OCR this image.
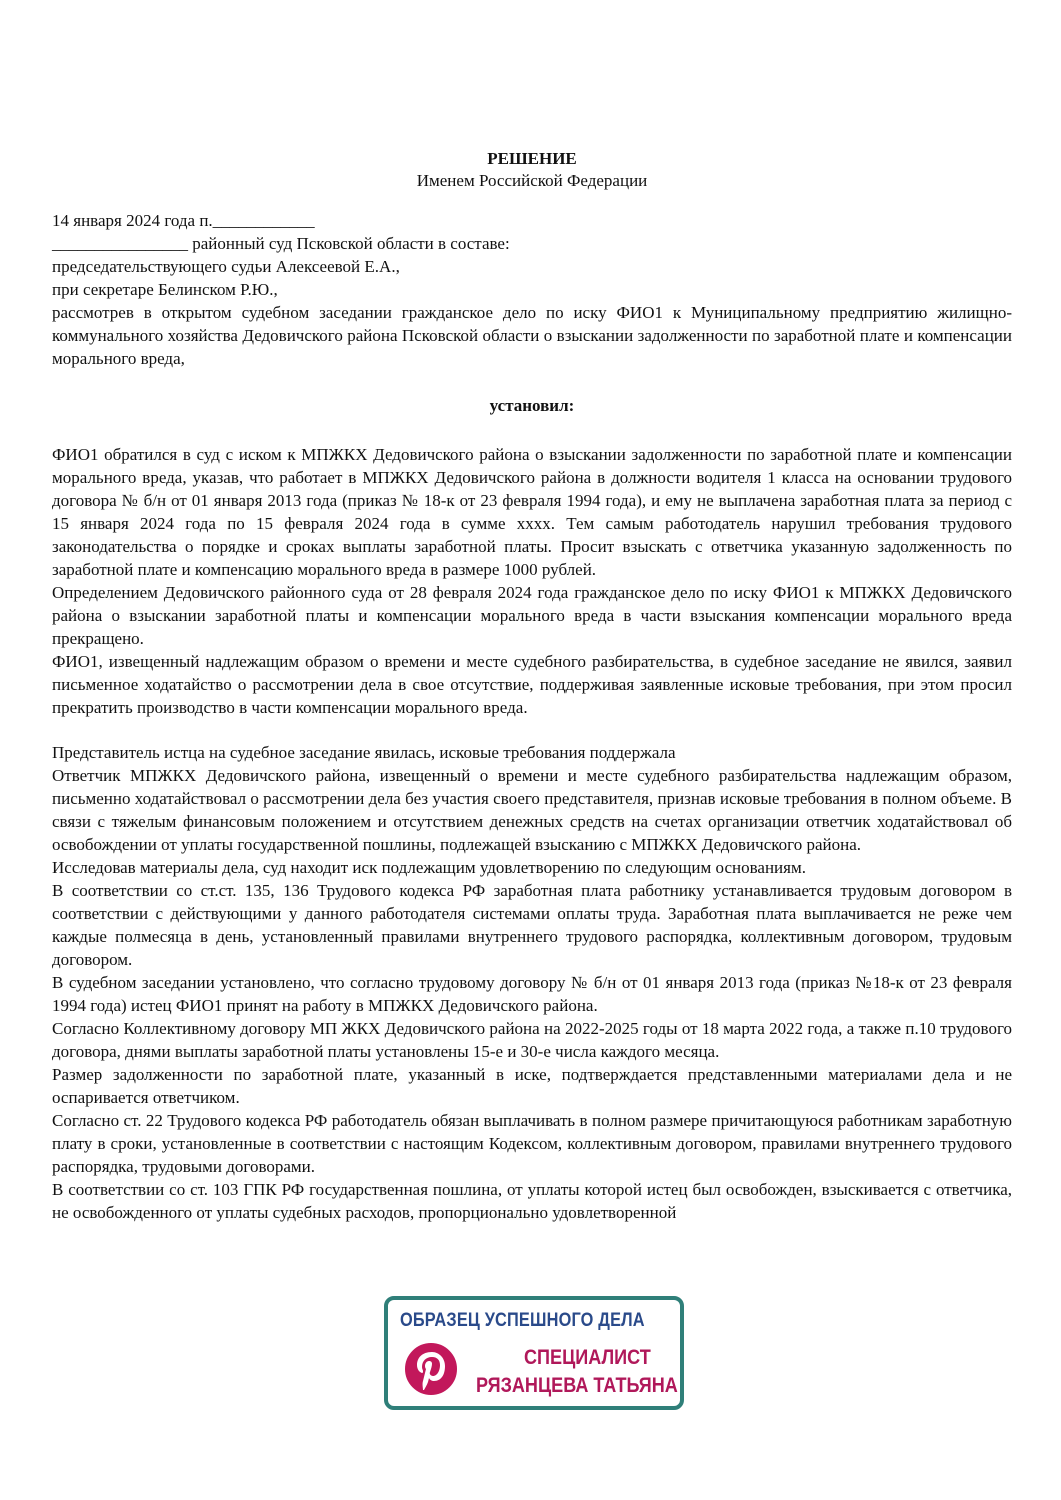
РЕШЕНИЕ

Именем Российской Федерации

14 января 2024 года п.____________

________________ районный суд Псковской области в составе:

председательствующего судьи Алексеевой Е.А.,

при секретаре Белинском Р.Ю.,

рассмотрев в открытом судебном заседании гражданское дело по иску ФИО1 к Муниципальному предприятию жилищно-коммунального хозяйства Дедовичского района Псковской области о взыскании задолженности по заработной плате и компенсации морального вреда,

установил:

ФИО1 обратился в суд с иском к МПЖКХ Дедовичского района о взыскании задолженности по заработной плате и компенсации морального вреда, указав, что работает в МПЖКХ Дедовичского района в должности водителя 1 класса на основании трудового договора № б/н от 01 января 2013 года (приказ № 18-к от 23 февраля 1994 года), и ему не выплачена заработная плата за период с 15 января 2024 года по 15 февраля 2024 года в сумме хххх. Тем самым работодатель нарушил требования трудового законодательства о порядке и сроках выплаты заработной платы. Просит взыскать с ответчика указанную задолженность по заработной плате и компенсацию морального вреда в размере 1000 рублей.

Определением Дедовичского районного суда от 28 февраля 2024 года гражданское дело по иску ФИО1 к МПЖКХ Дедовичского района о взыскании заработной платы и компенсации морального вреда в части взыскания компенсации морального вреда прекращено.

ФИО1, извещенный надлежащим образом о времени и месте судебного разбирательства, в судебное заседание не явился, заявил письменное ходатайство о рассмотрении дела в свое отсутствие, поддерживая заявленные исковые требования, при этом просил прекратить производство в части компенсации морального вреда.

Представитель истца на судебное заседание явилась, исковые требования поддержала

Ответчик МПЖКХ Дедовичского района, извещенный о времени и месте судебного разбирательства надлежащим образом, письменно ходатайствовал о рассмотрении дела без участия своего представителя, признав исковые требования в полном объеме. В связи с тяжелым финансовым положением и отсутствием денежных средств на счетах организации ответчик ходатайствовал об освобождении от уплаты государственной пошлины, подлежащей взысканию с МПЖКХ Дедовичского района.

Исследовав материалы дела, суд находит иск подлежащим удовлетворению по следующим основаниям.

В соответствии со ст.ст. 135, 136 Трудового кодекса РФ заработная плата работнику устанавливается трудовым договором в соответствии с действующими у данного работодателя системами оплаты труда. Заработная плата выплачивается не реже чем каждые полмесяца в день, установленный правилами внутреннего трудового распорядка, коллективным договором, трудовым договором.

В судебном заседании установлено, что согласно трудовому договору № б/н от 01 января 2013 года (приказ №18-к от 23 февраля 1994 года) истец ФИО1 принят на работу в МПЖКХ Дедовичского района.

Согласно Коллективному договору МП ЖКХ Дедовичского района на 2022-2025 годы от 18 марта 2022 года, а также п.10 трудового договора, днями выплаты заработной платы установлены 15-е и 30-е числа каждого месяца.

Размер задолженности по заработной плате, указанный в иске, подтверждается представленными материалами дела и не оспаривается ответчиком.

Согласно ст. 22 Трудового кодекса РФ работодатель обязан выплачивать в полном размере причитающуюся работникам заработную плату в сроки, установленные в соответствии с настоящим Кодексом, коллективным договором, правилами внутреннего трудового распорядка, трудовыми договорами.

В соответствии со ст. 103 ГПК РФ государственная пошлина, от уплаты которой истец был освобожден, взыскивается с ответчика, не освобожденного от уплаты судебных расходов, пропорционально удовлетворенной

ОБРАЗЕЦ УСПЕШНОГО ДЕЛА
СПЕЦИАЛИСТ
РЯЗАНЦЕВА ТАТЬЯНА
